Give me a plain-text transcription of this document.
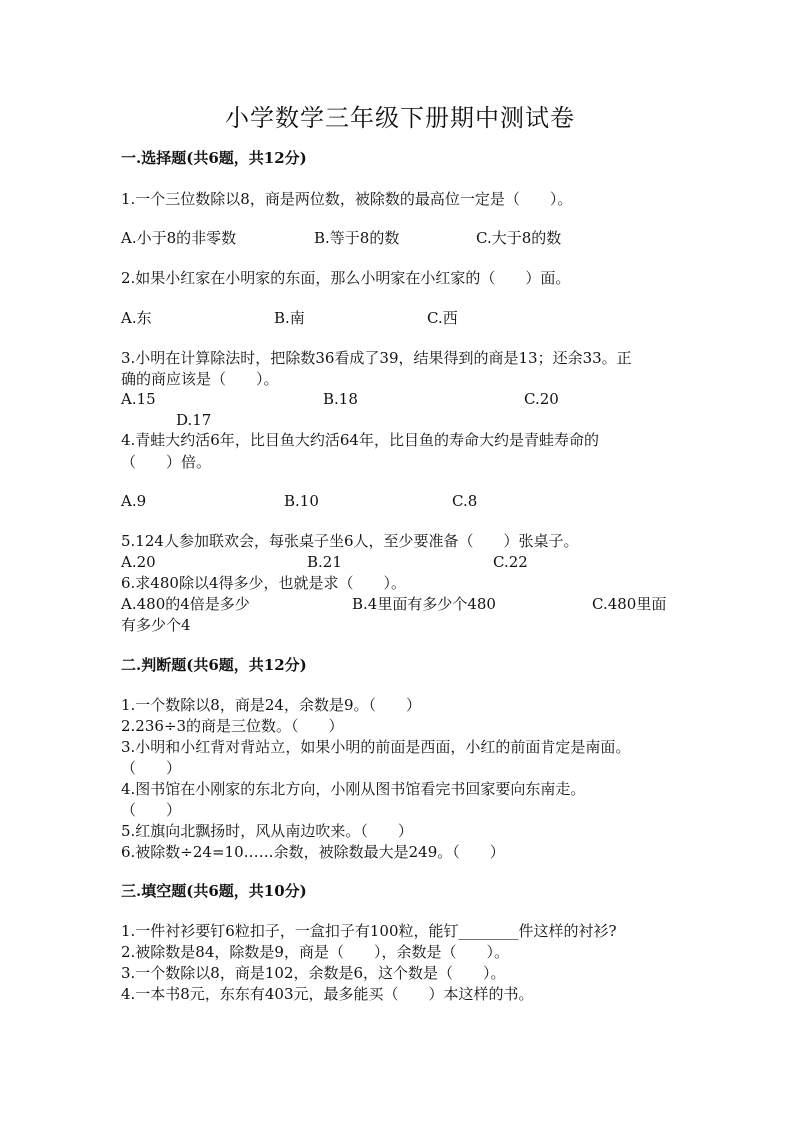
小学数学三年级下册期中测试卷
一.选择题(共6题，共12分)
1.一个三位数除以8，商是两位数，被除数的最高位一定是（　　）。
A.小于8的非零数	B.等于8的数	C.大于8的数
2.如果小红家在小明家的东面，那么小明家在小红家的（　　）面。
A.东	B.南	C.西
3.小明在计算除法时，把除数36看成了39，结果得到的商是13；还余33。正
确的商应该是（　　）。
A.15	B.18	C.20
D.17
4.青蛙大约活6年，比目鱼大约活64年，比目鱼的寿命大约是青蛙寿命的
（　　）倍。
A.9	B.10	C.8
5.124人参加联欢会，每张桌子坐6人，至少要准备（　　）张桌子。
A.20	B.21	C.22
6.求480除以4得多少，也就是求（　　）。
A.480的4倍是多少	B.4里面有多少个480	C.480里面
有多少个4
二.判断题(共6题，共12分)
1.一个数除以8，商是24，余数是9。（　　）
2.236÷3的商是三位数。（　　）
3.小明和小红背对背站立，如果小明的前面是西面，小红的前面肯定是南面。
（　　）
4.图书馆在小刚家的东北方向，小刚从图书馆看完书回家要向东南走。
（　　）
5.红旗向北飘扬时，风从南边吹来。（　　）
6.被除数÷24=10……余数，被除数最大是249。（　　）
三.填空题(共6题，共10分)
1.一件衬衫要钉6粒扣子，一盒扣子有100粒，能钉________件这样的衬衫?
2.被除数是84，除数是9，商是（　　），余数是（　　）。
3.一个数除以8，商是102，余数是6，这个数是（　　）。
4.一本书8元，东东有403元，最多能买（　　）本这样的书。
